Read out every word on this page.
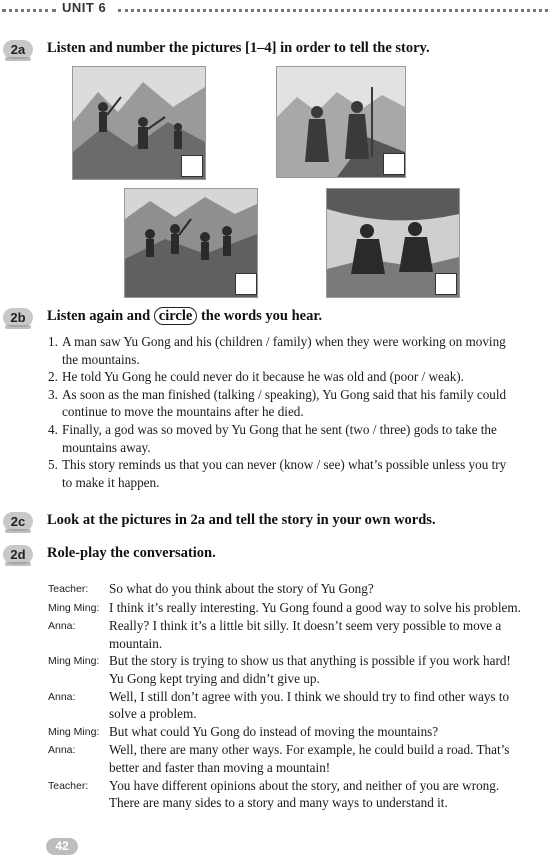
UNIT 6
2a	Listen and number the pictures [1–4] in order to tell the story.
2b	Listen again and circle the words you hear.
1. A man saw Yu Gong and his (children / family) when they were working on moving the mountains.
2. He told Yu Gong he could never do it because he was old and (poor / weak).
3. As soon as the man finished (talking / speaking), Yu Gong said that his family could continue to move the mountains after he died.
4. Finally, a god was so moved by Yu Gong that he sent (two / three) gods to take the mountains away.
5. This story reminds us that you can never (know / see) what’s possible unless you try to make it happen.
2c	Look at the pictures in 2a and tell the story in your own words.
2d	Role-play the conversation.
Teacher:	So what do you think about the story of Yu Gong?
Ming Ming: I think it’s really interesting. Yu Gong found a good way to solve his problem.
Anna:	Really? I think it’s a little bit silly. It doesn’t seem very possible to move a mountain.
Ming Ming: But the story is trying to show us that anything is possible if you work hard! Yu Gong kept trying and didn’t give up.
Anna:	Well, I still don’t agree with you. I think we should try to find other ways to solve a problem.
Ming Ming: But what could Yu Gong do instead of moving the mountains?
Anna:	Well, there are many other ways. For example, he could build a road. That’s better and faster than moving a mountain!
Teacher:	You have different opinions about the story, and neither of you are wrong. There are many sides to a story and many ways to understand it.
42
